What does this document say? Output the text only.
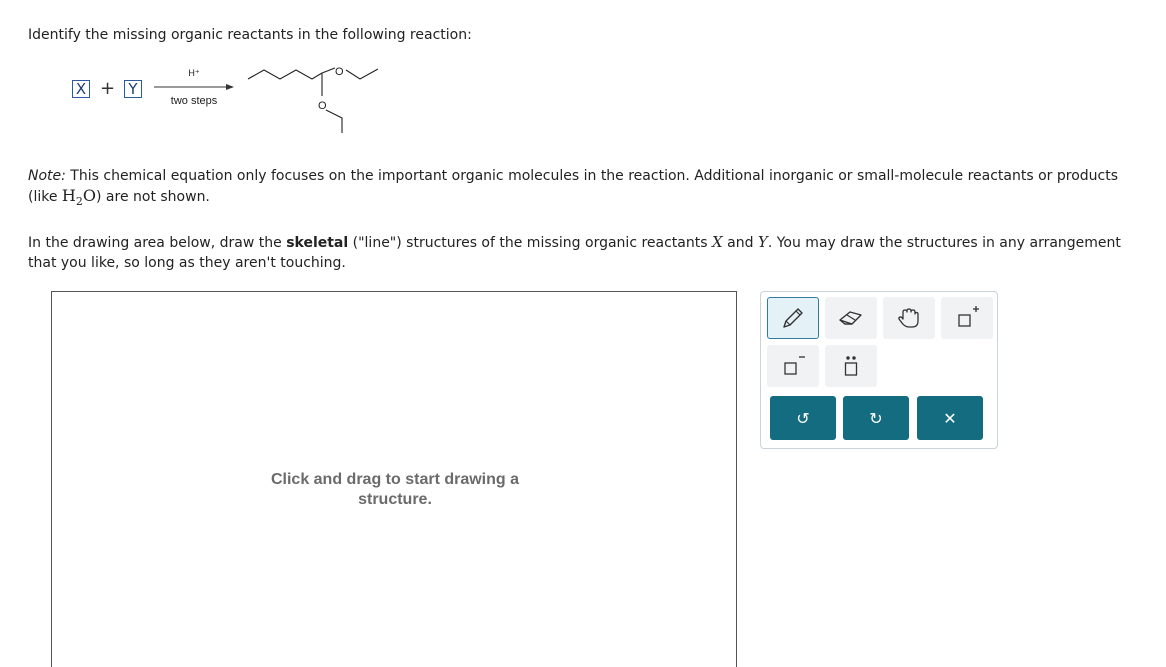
Identify the missing organic reactants in the following reaction:
X + Y
H⁺
two steps
O
O
Note: This chemical equation only focuses on the important organic molecules in the reaction. Additional inorganic or small-molecule reactants or products (like $H_2O$) are not shown.
In the drawing area below, draw the skeletal ("line") structures of the missing organic reactants X and Y. You may draw the structures in any arrangement that you like, so long as they aren't touching.
Click and drag to start drawing a structure.
↺	↻	✕
